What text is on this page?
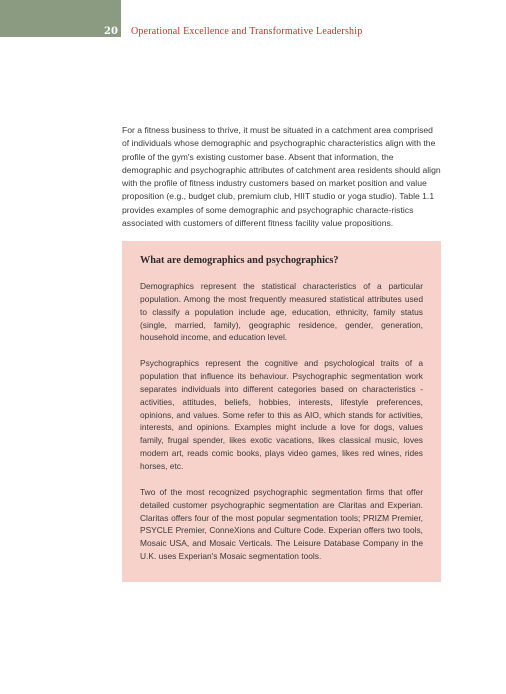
20 Operational Excellence and Transformative Leadership

For a fitness business to thrive, it must be situated in a catchment area comprised of individuals whose demographic and psychographic characteristics align with the profile of the gym's existing customer base. Absent that information, the demographic and psychographic attributes of catchment area residents should align with the profile of fitness industry customers based on market position and value proposition (e.g., budget club, premium club, HIIT studio or yoga studio). Table 1.1 provides examples of some demographic and psychographic characte-ristics associated with customers of different fitness facility value propositions.

What are demographics and psychographics?

Demographics represent the statistical characteristics of a particular population. Among the most frequently measured statistical attributes used to classify a population include age, education, ethnicity, family status (single, married, family), geographic residence, gender, generation, household income, and education level.

Psychographics represent the cognitive and psychological traits of a population that influence its behaviour. Psychographic segmentation work separates individuals into different categories based on characteristics - activities, attitudes, beliefs, hobbies, interests, lifestyle preferences, opinions, and values. Some refer to this as AIO, which stands for activities, interests, and opinions. Examples might include a love for dogs, values family, frugal spender, likes exotic vacations, likes classical music, loves modern art, reads comic books, plays video games, likes red wines, rides horses, etc.

Two of the most recognized psychographic segmentation firms that offer detailed customer psychographic segmentation are Claritas and Experian. Claritas offers four of the most popular segmentation tools; PRIZM Premier, PSYCLE Premier, ConneXions and Culture Code. Experian offers two tools, Mosaic USA, and Mosaic Verticals. The Leisure Database Company in the U.K. uses Experian's Mosaic segmentation tools.
